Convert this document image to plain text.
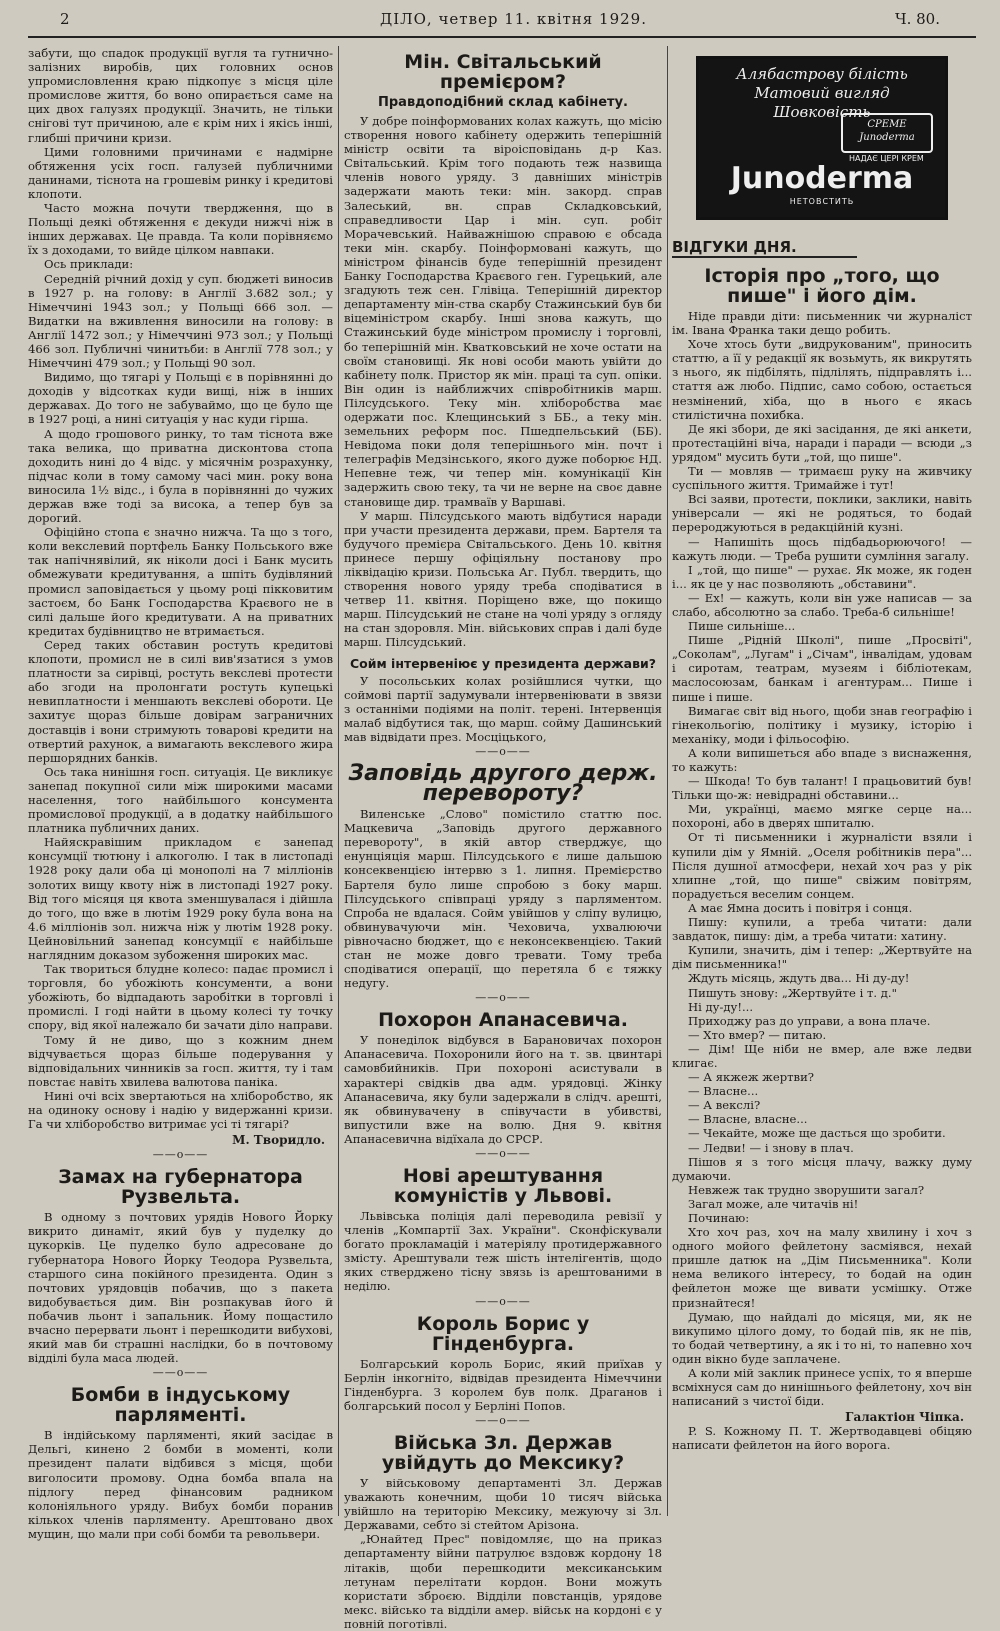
2	ДІЛО, четвер 11. квітня 1929.	Ч. 80.

забути, що спадок продукції вугля та гутнично-залізних виробів, цих головних основ упромисловлення краю підкопує з місця ціле промислове життя, бо воно опирається саме на цих двох галузях продукції. Значить, не тільки снігові тут причиною, але є крім них і якісь інші, глибші причини кризи.

Цими головними причинами є надмірне обтяження усіх госп. галузей публичними данинами, тіснота на грошевім ринку і кредитові клопоти.

Часто можна почути твердження, що в Польщі деякі обтяження є декуди нижчі ніж в інших державах. Це правда. Та коли порівняємо їх з доходами, то вийде цілком навпаки.

Ось приклади:

Середній річний дохід у суп. бюджеті виносив в 1927 р. на голову: в Англії 3.682 зол.; у Німеччині 1943 зол.; у Польщі 666 зол. — Видатки на вживлення виносили на голову: в Англії 1472 зол.; у Німеччині 973 зол.; у Польщі 466 зол. Публичні чинитьби: в Англії 778 зол.; у Німеччині 479 зол.; у Польщі 90 зол.

Видимо, що тягарі у Польщі є в порівнянні до доходів у відсотках куди вищі, ніж в інших державах. До того не забуваймо, що це було ще в 1927 році, а нині ситуація у нас куди гірша.

А щодо грошового ринку, то там тіснота вже така велика, що приватна дисконтова стопа доходить нині до 4 відс. у місячнім розрахунку, підчас коли в тому самому часі мин. року вона виносила 1½ відс., і була в порівнянні до чужих держав вже тоді за висока, а тепер був за дорогий.

Офіційно стопа є значно нижча. Та що з того, коли векслевий портфель Банку Польського вже так напічнявілий, як ніколи досі і Банк мусить обмежувати кредитування, а шпіть будівляний промисл заповідається у цьому році пікковитим застоєм, бо Банк Господарства Краєвого не в силі дальше його кредитувати. А на приватних кредитах будівництво не втримається.

Серед таких обставин ростуть кредитові клопоти, промисл не в силі вив'язатися з умов платности за сирівці, ростуть векслеві протести або згоди на пролонгати ростуть купецькі невиплатности і меншають векслеві обороти. Це захитує щораз більше довірам заграничних доставців і вони стримують товарові кредити на отвертий рахунок, а вимагають векслевого жира першорядних банків.

Ось така нинішня госп. ситуація. Це викликує занепад покупної сили між широкими масами населення, того найбільшого консумента промислової продукції, а в додатку найбільшого платника публичних даних.

Найяскравішим прикладом є занепад консумції тютюну і алкоголю. І так в листопаді 1928 року дали оба ці монополі на 7 мілліонів золотих вищу квоту ніж в листопаді 1927 року. Від того місяця ця квота зменшувалася і дійшла до того, що вже в лютім 1929 року була вона на 4.6 мілліонів зол. нижча ніж у лютім 1928 року. Цейновільний занепад консумції є найбільше наглядним доказом зубоження широких мас.

Так твориться блудне колесо: падає промисл і торговля, бо убожіють консументи, а вони убожіють, бо відпадають заробітки в торговлі і промислі. І годі найти в цьому колесі ту точку спору, від якої належало би зачати діло направи.

Тому й не диво, що з кожним днем відчувається щораз більше подерування у відповідальних чинників за госп. життя, ту і там повстає навіть хвилева валютова паніка.

Нині очі всіх звертаються на хліборобство, як на одиноку основу і надію у видержанні кризи. Га чи хліборобство витримає усі ті тягарі?

М. Творидло.

——о——
Замах на губернатора Рузвельта.

В одному з почтових урядів Нового Йорку викрито динаміт, який був у пуделку до цукорків. Це пуделко було адресоване до губернатора Нового Йорку Теодора Рузвельта, старшого сина покійного президента. Один з почтових урядовців побачив, що з пакета видобувається дим. Він розпакував його й побачив льонт і запальник. Йому пощастило вчасно перервати льонт і перешкодити вибухові, який мав би страшні наслідки, бо в почтовому відділі була маса людей.

——о——
Бомби в індуському парляменті.

В індійському парляменті, який засідає в Дельгі, кинено 2 бомби в моменті, коли президент палати відбився з місця, щоби виголосити промову. Одна бомба впала на підлогу перед фінансовим радником колоніяльного уряду. Вибух бомби поранив кількох членів парляменту. Арештовано двох мущин, що мали при собі бомби та револьвери.

Мін. Світальський премієром?
Правдоподібний склад кабінету.

У добре поінформованих колах кажуть, що місію створення нового кабінету одержить теперішній міністр освіти та віроісповідань д-р Каз. Світальський. Крім того подають теж назвища членів нового уряду. З давніших міністрів задержати мають теки: мін. закорд. справ Залеський, вн. справ Складковський, справедливости Цар і мін. суп. робіт Морачевський. Найважнішою справою є обсада теки мін. скарбу. Поінформовані кажуть, що міністром фінансів буде теперішній президент Банку Господарства Краєвого ген. Гурецький, але згадують теж сен. Глівіца. Теперішній директор департаменту мін-ства скарбу Стажинський був би віцеміністром скарбу. Інші знова кажуть, що Стажинський буде міністром промислу і торговлі, бо теперішній мін. Кватковський не хоче остати на своїм становищі. Як нові особи мають увійти до кабінету полк. Пристор як мін. праці та суп. опіки. Він один із найближчих співробітників марш. Пілсудського. Теку мін. хліборобства має одержати пос. Клещинський з ББ., а теку мін. земельних реформ пос. Пшедпельський (ББ). Невідома поки доля теперішнього мін. почт і телеграфів Медзінського, якого дуже поборює НД. Непевне теж, чи тепер мін. комунікації Кін задержить свою теку, та чи не верне на своє давне становище дир. трамваїв у Варшаві.

У марш. Пілсудського мають відбутися наради при участи президента держави, прем. Бартеля та будучого премієра Світальського. День 10. квітня принесе першу офіціяльну постанову про ліквідацію кризи. Польська Аг. Публ. твердить, що створення нового уряду треба сподіватися в четвер 11. квітня. Поріщено вже, що покищо марш. Пілсудський не стане на чолі уряду з огляду на стан здоровля. Мін. військових справ і далі буде марш. Пілсудський.

Сойм інтервеніює у президента держави?

У посольських колах розійшлися чутки, що соймові партії задумували інтервеніювати в звязи з останніми подіями на політ. терені. Інтервенція малаб відбутися так, що марш. сойму Дашинський мав відвідати през. Мосціцького,

——о——
Заповідь другого держ. перевороту?

Виленське „Слово" помістило статтю пос. Мацкевича „Заповідь другого державного перевороту", в якій автор стверджує, що енунціяція марш. Пілсудського є лише дальшою консеквенцією інтервю з 1. липня. Премієрство Бартеля було лише спробою з боку марш. Пілсудського співпраці уряду з парляментом. Спроба не вдалася. Сойм увійшов у сліпу вулицю, обвинувачуючи мін. Чеховича, ухвалюючи рівночасно бюджет, що є неконсеквенцією. Такий стан не може довго тревати. Тому треба сподіватися операції, що перетяла б є тяжку недугу.

——о——
Похорон Апанасевича.

У понеділок відбувся в Барановичах похорон Апанасевича. Похоронили його на т. зв. цвинтарі самовбийників. При похороні асистували в характері свідків два адм. урядовці. Жінку Апанасевича, яку були задержали в слідч. арешті, як обвинувачену в співучасти в убивстві, випустили вже на волю. Дня 9. квітня Апанасевична відїхала до СРСР.

——о——
Нові арештування комуністів у Львові.

Львівська поліція далі переводила ревізії у членів „Компартії Зах. України". Сконфіскували богато прокламацій і матеріялу протидержавного змісту. Арештували теж шість інтелігентів, щодо яких стверджено тісну звязь із арештованими в неділю.

——о——
Король Борис у Гінденбурга.

Болгарський король Борис, який приїхав у Берлін інкогніто, відвідав президента Німеччини Гінденбурга. З королем був полк. Драганов і болгарський посол у Берліні Попов.

——о——
Війська Зл. Держав увійдуть до Мексику?

У військовому департаменті Зл. Держав уважають конечним, щоби 10 тисяч війська увійшло на територію Мексику, межуючу зі Зл. Державами, себто зі стейтом Арізона.

„Юнайтед Прес" повідомляє, що на приказ департаменту війни патрулює вздовж кордону 18 літаків, щоби перешкодити мексиканським летунам перелітати кордон. Вони можуть користати зброєю. Відділи повстанців, урядове мекс. військо та відділи амер. військ на кордоні є у повній поготівлі.

Алябастрову білість
Матовий вигляд
Шовковість
СРЕМЕ Junoderma
НАДАЄ ЦЕРІ КРЕМ
Junoderma
НЕТОВСТИТЬ
ВІДГУКИ ДНЯ.
Історія про „того, що пише" і його дім.

Ніде правди діти: письменник чи журналіст ім. Івана Франка таки дещо робить.

Хоче хтось бути „видрукованим", приносить статтю, а її у редакції як возьмуть, як викрутять з нього, як підбілять, підлілять, підправлять і... стаття аж любо. Підпис, само собою, остається незмінений, хіба, що в нього є якась стилістична похибка.

Де які збори, де які засідання, де які анкети, протестаційні віча, наради і паради — всюди „з урядом" мусить бути „той, що пише".

Ти — мовляв — тримаєш руку на живчику суспільного життя. Тримайже і тут!

Всі заяви, протести, поклики, заклики, навіть універсали — які не родяться, то бодай перероджуються в редакційній кузні.

— Напишіть щось підбадьорюючого! — кажуть люди. — Треба рушити сумління загалу.

І „той, що пише" — рухає. Як може, як годен і... як це у нас позволяють „обставини".

— Ех! — кажуть, коли він уже написав — за слабо, абсолютно за слабо. Треба-б сильніше!

Пише сильніше...

Пише „Рідній Школі", пише „Просвіті", „Соколам", „Лугам" і „Січам", інвалідам, удовам і сиротам, театрам, музеям і бібліотекам, маслосоюзам, банкам і агентурам... Пише і пише і пише.

Вимагає світ від нього, щоби знав географію і гінекольогію, політику і музику, історію і механіку, моди і фільософію.

А коли випишеться або впаде з виснаження, то кажуть:

— Шкода! То був талант! І працьовитий був! Тільки що-ж: невідрадні обставини...

Ми, українці, маємо мягке серце на... похороні, або в дверях шпиталю.

От ті письменники і журналісти взяли і купили дім у Ямній. „Оселя робітників пера"... Після душної атмосфери, нехай хоч раз у рік хлипне „той, що пише" свіжим повітрям, порадується веселим сонцем.

А має Ямна досить і повітря і сонця.

Пишу: купили, а треба читати: дали завдаток, пишу: дім, а треба читати: хатину.

Купили, значить, дім і тепер: „Жертвуйте на дім письменника!"

Ждуть місяць, ждуть два... Ні ду-ду!

Пишуть знову: „Жертвуйте і т. д."

Ні ду-ду!...

Приходжу раз до управи, а вона плаче.

— Хто вмер? — питаю.

— Дім! Ще ніби не вмер, але вже ледви клигає.

— А якжеж жертви?

— Власне...

— А векслі?

— Власне, власне...

— Чекайте, може ще дасться що зробити.

— Ледви! — і знову в плач.

Пішов я з того місця плачу, важку думу думаючи.

Невжеж так трудно зворушити загал?

Загал може, але читачів ні!

Починаю:

Хто хоч раз, хоч на малу хвилину і хоч з одного мойого фейлетону засміявся, нехай пришле датюк на „Дім Письменника". Коли нема великого інтересу, то бодай на один фейлетон може ще вивати усмішку. Отже признайтеся!

Думаю, що найдалі до місяця, ми, як не викупимо цілого дому, то бодай пів, як не пів, то бодай четвертину, а як і то ні, то напевно хоч один вікно буде заплачене.

А коли мій заклик принесе успіх, то я вперше всміхнуся сам до нинішнього фейлетону, хоч він написаний з чистої біди.

Галактіон Чіпка.

P. S. Кожному П. Т. Жертводавцеві обіцяю написати фейлетон на його ворога.
